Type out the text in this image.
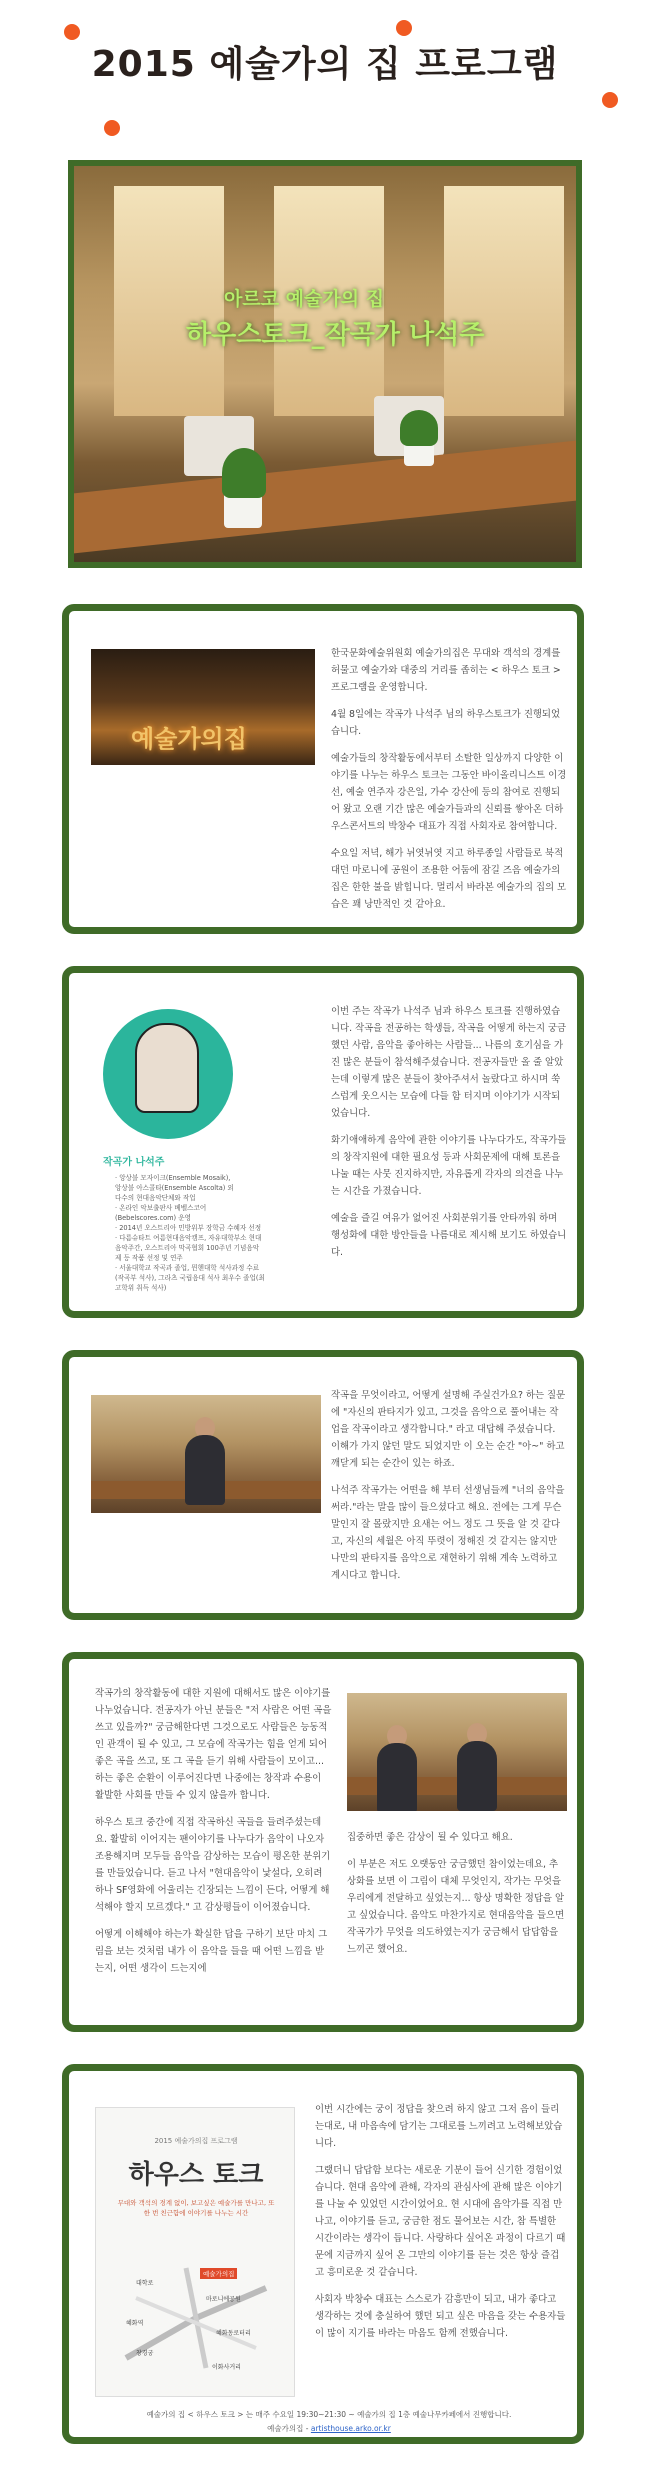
2015 예술가의 집 프로그램
아르코 예술가의 집
하우스토크_작곡가 나석주
예술가의집

한국문화예술위원회 예술가의집은 무대와 객석의 경계를 허물고 예술가와 대중의 거리를 좁히는 < 하우스 토크 > 프로그램을 운영합니다.

4월 8일에는 작곡가 나석주 님의 하우스토크가 진행되었습니다.

예술가들의 창작활동에서부터 소탈한 일상까지 다양한 이야기를 나누는 하우스 토크는 그동안 바이올리니스트 이경선, 예술 연주자 강은일, 가수 강산에 등의 참여로 진행되어 왔고 오랜 기간 많은 예술가들과의 신뢰를 쌓아온 더하우스콘서트의 박창수 대표가 직접 사회자로 참여합니다.

수요일 저녁, 해가 뉘엿뉘엿 지고 하루종일 사람들로 북적 대던 마로니에 공원이 조용한 어둠에 잠길 즈음 예술가의 집은 한한 불을 밝힙니다. 멀리서 바라본 예술가의 집의 모습은 꽤 낭만적인 것 같아요.

작곡가 나석주
· 앙상블 모자이크(Ensemble Mosaik),
앙상블 아스콜타(Ensemble Ascolta) 외
다수의 현대음악단체와 작업
· 온라인 악보출판사 베벨스코어
(Bebelscores.com) 운영
· 2014년 오스트리아 민방위부 장학금 수혜자 선정
· 다름슈타트 여름현대음악캠프, 자유대학부소 현대음악주간, 오스트리아 막곡협회 100주년 기념음악제 등 작품 선정 및 연주
· 서울대학교 작곡과 졸업, 뮌헨대학 석사과정 수료(작곡부 석사), 그라츠 국립음대 석사 최우수 졸업(최고학위 취득 석사)

이번 주는 작곡가 나석주 님과 하우스 토크를 진행하였습니다. 작곡을 전공하는 학생들, 작곡을 어떻게 하는지 궁금했던 사람, 음악을 좋아하는 사람들... 나름의 호기심을 가진 많은 분들이 참석해주셨습니다. 전공자들만 올 줄 알았는데 이렇게 많은 분들이 찾아주셔서 놀랐다고 하시며 쑥스럽게 웃으시는 모습에 다들 함 터지며 이야기가 시작되었습니다.

화기애애하게 음악에 관한 이야기를 나누다가도, 작곡가들의 창작지원에 대한 필요성 등과 사회문제에 대해 토론을 나눌 때는 사뭇 진지하지만, 자유롭게 각자의 의견을 나누는 시간을 가졌습니다.

예술을 즐길 여유가 없어진 사회분위기를 안타까워 하며 행성화에 대한 방안들을 나름대로 제시해 보기도 하였습니다.

작곡을 무엇이라고, 어떻게 설명해 주실건가요? 하는 질문에 "자신의 판타지가 있고, 그것을 음악으로 풀어내는 작업을 작곡이라고 생각합니다." 라고 대답해 주셨습니다. 이해가 가지 않던 말도 되었지만 이 오는 순간 "아~" 하고 깨닫게 되는 순간이 있는 하죠.

나석주 작곡가는 어떤을 해 부터 선생님들께 "너의 음악을 써라."라는 말을 많이 들으셨다고 해요. 전에는 그게 무슨 말인지 잘 몰랐지만 요새는 어느 정도 그 뜻을 알 것 같다고, 자신의 세월은 아직 뚜렷이 정해진 것 같지는 않지만 나만의 판타지를 음악으로 재현하기 위해 계속 노력하고 계시다고 합니다.

작곡가의 창작활동에 대한 지원에 대해서도 많은 이야기를 나누었습니다. 전공자가 아닌 분들은 "저 사람은 어떤 곡을 쓰고 있을까?" 궁금해한다면 그것으로도 사람들은 능동적인 관객이 될 수 있고, 그 모습에 작곡가는 힘을 얻게 되어 좋은 곡을 쓰고, 또 그 곡을 듣기 위해 사람들이 모이고... 하는 좋은 순환이 이루어진다면 나중에는 창작과 수용이 활발한 사회를 만들 수 있지 않을까 합니다.

하우스 토크 중간에 직접 작곡하신 곡들을 들려주셨는데요. 활발히 이어지는 팬이야기를 나누다가 음악이 나오자 조용해지며 모두들 음악을 감상하는 모습이 평온한 분위기를 만들었습니다. 듣고 나서 "현대음악이 낯설다, 오히려 하나 SF영화에 어울리는 긴장되는 느낌이 든다, 어떻게 해석해야 할지 모르겠다." 고 감상평들이 이어졌습니다.

어떻게 이해해야 하는가 확실한 답을 구하기 보단 마치 그림을 보는 것처럼 내가 이 음악을 들을 때 어떤 느낌을 받는지, 어떤 생각이 드는지에

집중하면 좋은 감상이 될 수 있다고 해요.

이 부분은 저도 오랫동안 궁금했던 참이었는데요, 추상화를 보면 이 그림이 대체 무엇인지, 작가는 무엇을 우리에게 전달하고 싶었는지... 항상 명확한 정답을 알고 싶었습니다. 음악도 마찬가지로 현대음악을 들으면 작곡가가 무엇을 의도하였는지가 궁금해서 답답함을 느끼곤 했어요.

2015 예술가의집 프로그램
하우스 토크
무대와 객석의 경계 없이, 보고싶은 예술가를 만나고, 또 한 번 친근함에 이야기를 나누는 시간
예술가의집
대학로
마로니에공원
혜화역
혜화동로터리
창경궁
이화사거리

이번 시간에는 궁이 정답을 찾으려 하지 않고 그저 음이 들리는대로, 내 마음속에 담기는 그대로를 느끼려고 노력해보았습니다.

그랬더니 답답함 보다는 새로운 기분이 들어 신기한 경험이었습니다. 현대 음악에 관해, 각자의 관심사에 관해 많은 이야기를 나눌 수 있었던 시간이었어요. 현 시대에 음악가를 직접 만나고, 이야기를 듣고, 궁금한 점도 물어보는 시간, 참 특별한 시간이라는 생각이 듭니다. 사랑하다 싶어온 과정이 다르기 때문에 지금까지 싶어 온 그만의 이야기를 듣는 것은 항상 즐겁고 흥미로운 것 같습니다.

사회자 박창수 대표는 스스로가 감흥만이 되고, 내가 좋다고 생각하는 것에 충실하여 했던 되고 싶은 마음을 갖는 수용자들이 많이 지기를 바라는 마음도 함께 전했습니다.

예술가의 집 < 하우스 토크 > 는 매주 수요일 19:30~21:30 ~ 예술가의 집 1층 예술나무카페에서 진행합니다.
예술가의집 - artisthouse.arko.or.kr
